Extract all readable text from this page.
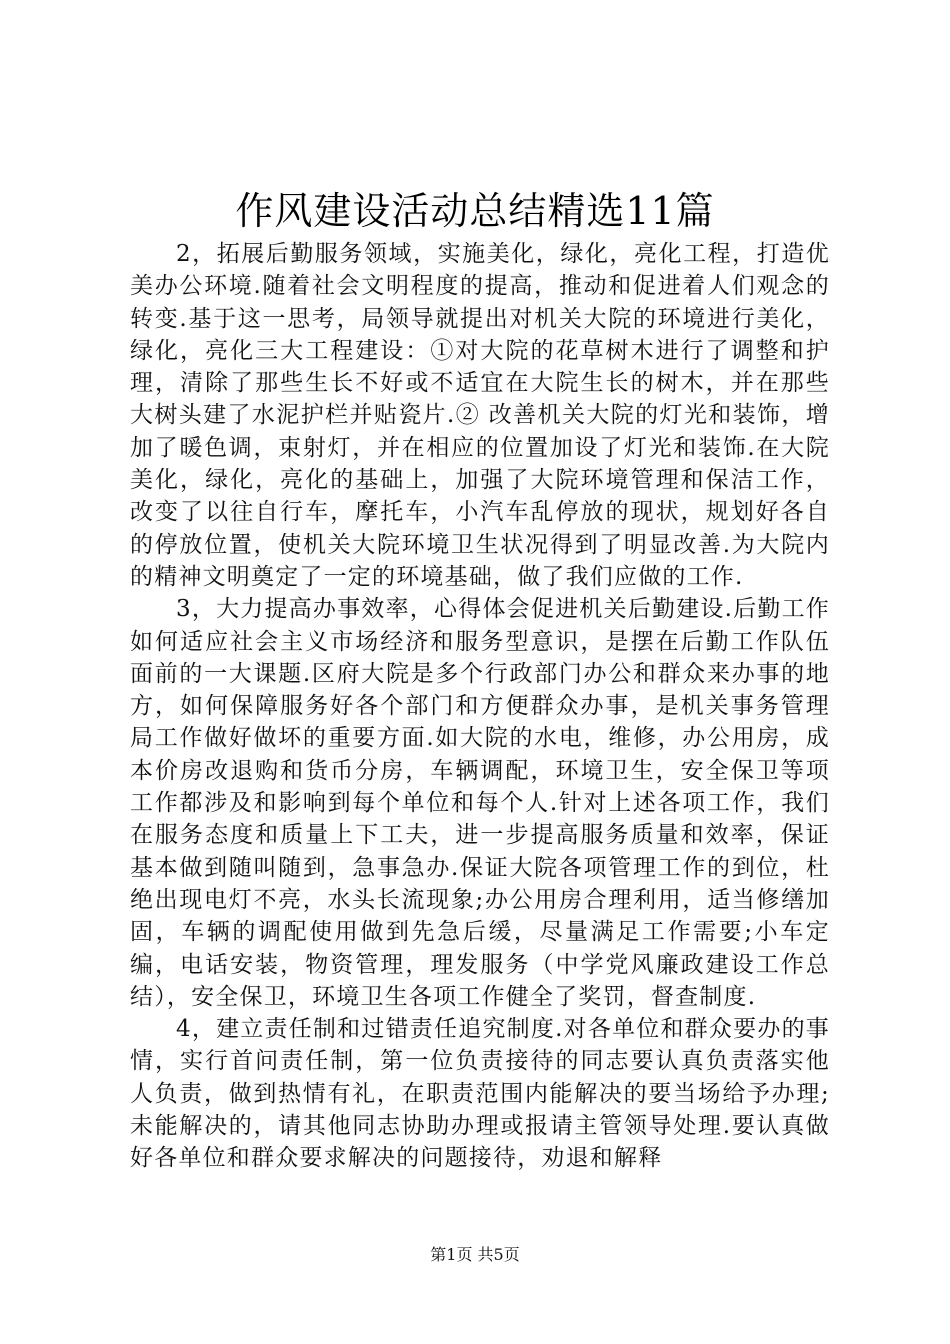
作风建设活动总结精选11篇

2，拓展后勤服务领域，实施美化，绿化，亮化工程，打造优美办公环境.随着社会文明程度的提高，推动和促进着人们观念的转变.基于这一思考，局领导就提出对机关大院的环境进行美化，绿化，亮化三大工程建设：①对大院的花草树木进行了调整和护理，清除了那些生长不好或不适宜在大院生长的树木，并在那些大树头建了水泥护栏并贴瓷片.② 改善机关大院的灯光和装饰，增加了暖色调，束射灯，并在相应的位置加设了灯光和装饰.在大院美化，绿化，亮化的基础上，加强了大院环境管理和保洁工作，改变了以往自行车，摩托车，小汽车乱停放的现状，规划好各自的停放位置，使机关大院环境卫生状况得到了明显改善.为大院内的精神文明奠定了一定的环境基础，做了我们应做的工作.

3，大力提高办事效率，心得体会促进机关后勤建设.后勤工作如何适应社会主义市场经济和服务型意识，是摆在后勤工作队伍面前的一大课题.区府大院是多个行政部门办公和群众来办事的地方，如何保障服务好各个部门和方便群众办事，是机关事务管理局工作做好做坏的重要方面.如大院的水电，维修，办公用房，成本价房改退购和货币分房，车辆调配，环境卫生，安全保卫等项工作都涉及和影响到每个单位和每个人.针对上述各项工作，我们在服务态度和质量上下工夫，进一步提高服务质量和效率，保证基本做到随叫随到，急事急办.保证大院各项管理工作的到位，杜绝出现电灯不亮，水头长流现象;办公用房合理利用，适当修缮加固，车辆的调配使用做到先急后缓，尽量满足工作需要;小车定编，电话安装，物资管理，理发服务（中学党风廉政建设工作总结），安全保卫，环境卫生各项工作健全了奖罚，督查制度.

4，建立责任制和过错责任追究制度.对各单位和群众要办的事情，实行首问责任制，第一位负责接待的同志要认真负责落实他人负责，做到热情有礼，在职责范围内能解决的要当场给予办理;未能解决的，请其他同志协助办理或报请主管领导处理.要认真做好各单位和群众要求解决的问题接待，劝退和解释

第1页 共5页
